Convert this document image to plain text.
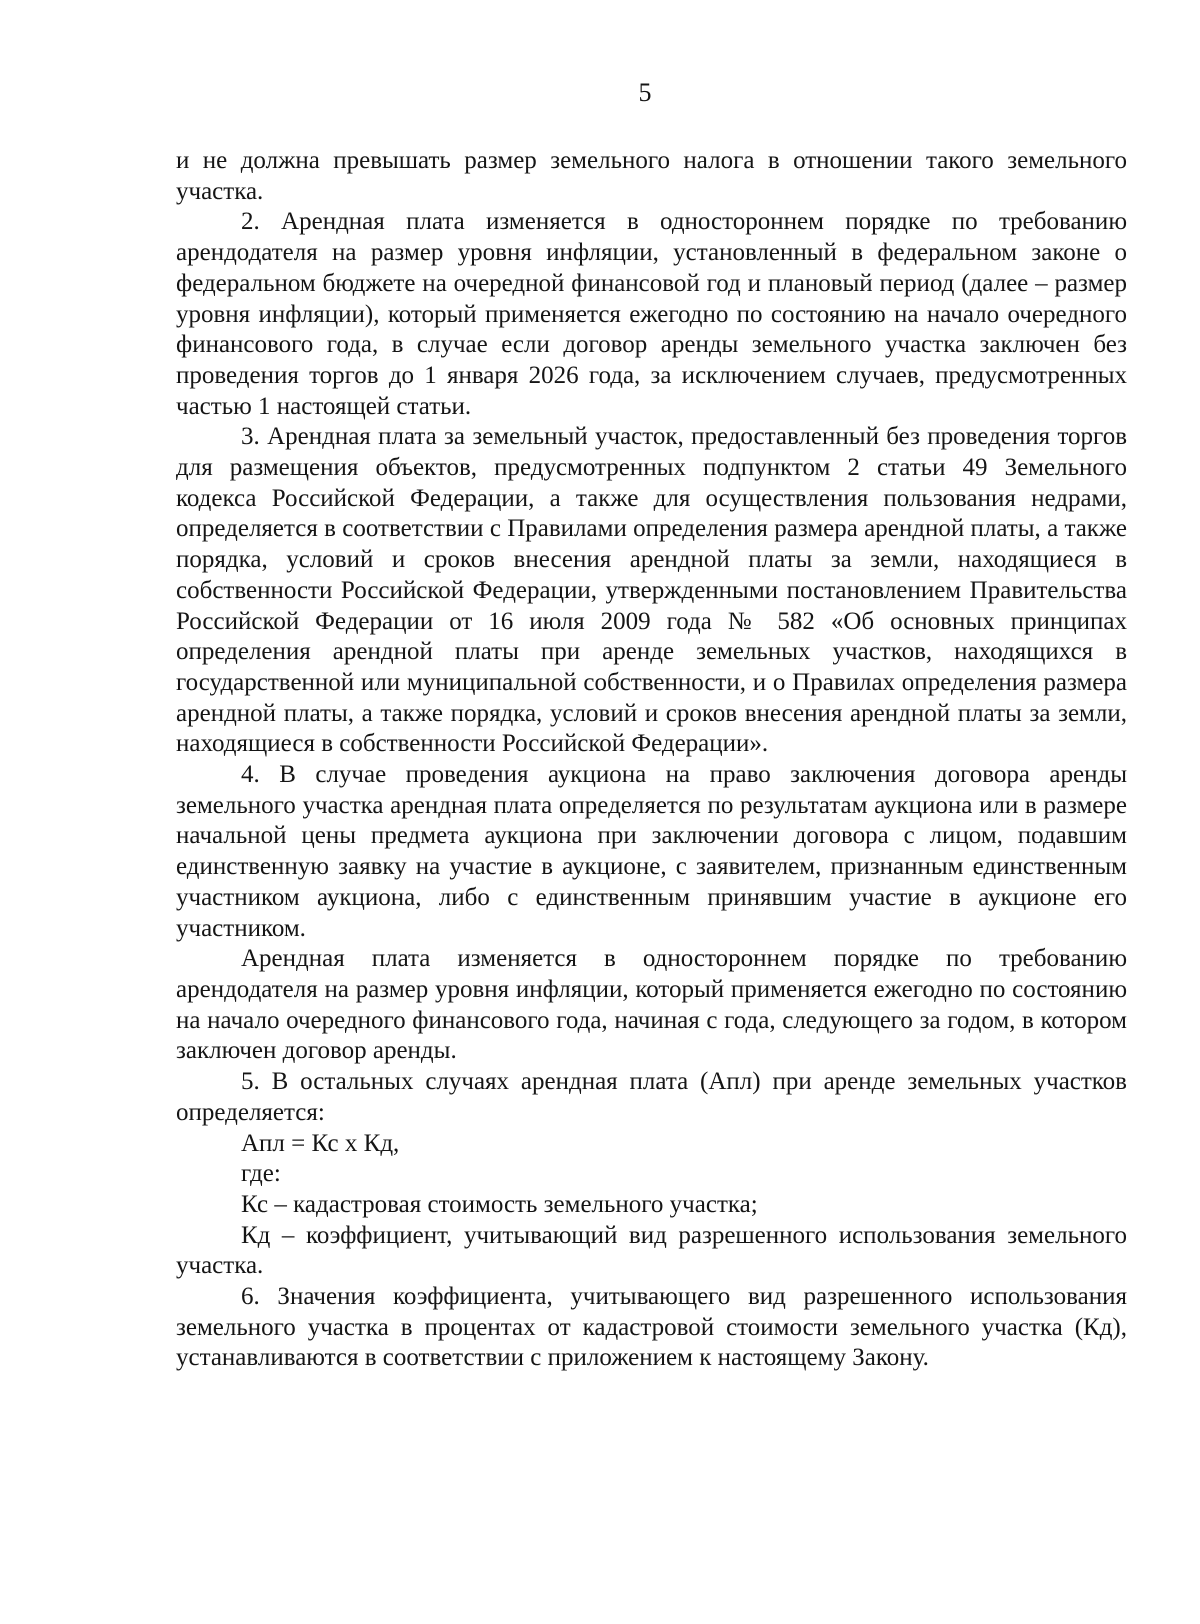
5

и не должна превышать размер земельного налога в отношении такого земельного участка.

2. Арендная плата изменяется в одностороннем порядке по требованию арендодателя на размер уровня инфляции, установленный в федеральном законе о федеральном бюджете на очередной финансовой год и плановый период (далее – размер уровня инфляции), который применяется ежегодно по состоянию на начало очередного финансового года, в случае если договор аренды земельного участка заключен без проведения торгов до 1 января 2026 года, за исключением случаев, предусмотренных частью 1 настоящей статьи.

3. Арендная плата за земельный участок, предоставленный без проведения торгов для размещения объектов, предусмотренных подпунктом 2 статьи 49 Земельного кодекса Российской Федерации, а также для осуществления пользования недрами, определяется в соответствии с Правилами определения размера арендной платы, а также порядка, условий и сроков внесения арендной платы за земли, находящиеся в собственности Российской Федерации, утвержденными постановлением Правительства Российской Федерации от 16 июля 2009 года № 582 «Об основных принципах определения арендной платы при аренде земельных участков, находящихся в государственной или муниципальной собственности, и о Правилах определения размера арендной платы, а также порядка, условий и сроков внесения арендной платы за земли, находящиеся в собственности Российской Федерации».

4. В случае проведения аукциона на право заключения договора аренды земельного участка арендная плата определяется по результатам аукциона или в размере начальной цены предмета аукциона при заключении договора с лицом, подавшим единственную заявку на участие в аукционе, с заявителем, признанным единственным участником аукциона, либо с единственным принявшим участие в аукционе его участником.

Арендная плата изменяется в одностороннем порядке по требованию арендодателя на размер уровня инфляции, который применяется ежегодно по состоянию на начало очередного финансового года, начиная с года, следующего за годом, в котором заключен договор аренды.

5. В остальных случаях арендная плата (Апл) при аренде земельных участков определяется:

Апл = Кс х Кд,

где:

Кс – кадастровая стоимость земельного участка;

Кд – коэффициент, учитывающий вид разрешенного использования земельного участка.

6. Значения коэффициента, учитывающего вид разрешенного использования земельного участка в процентах от кадастровой стоимости земельного участка (Кд), устанавливаются в соответствии с приложением к настоящему Закону.
